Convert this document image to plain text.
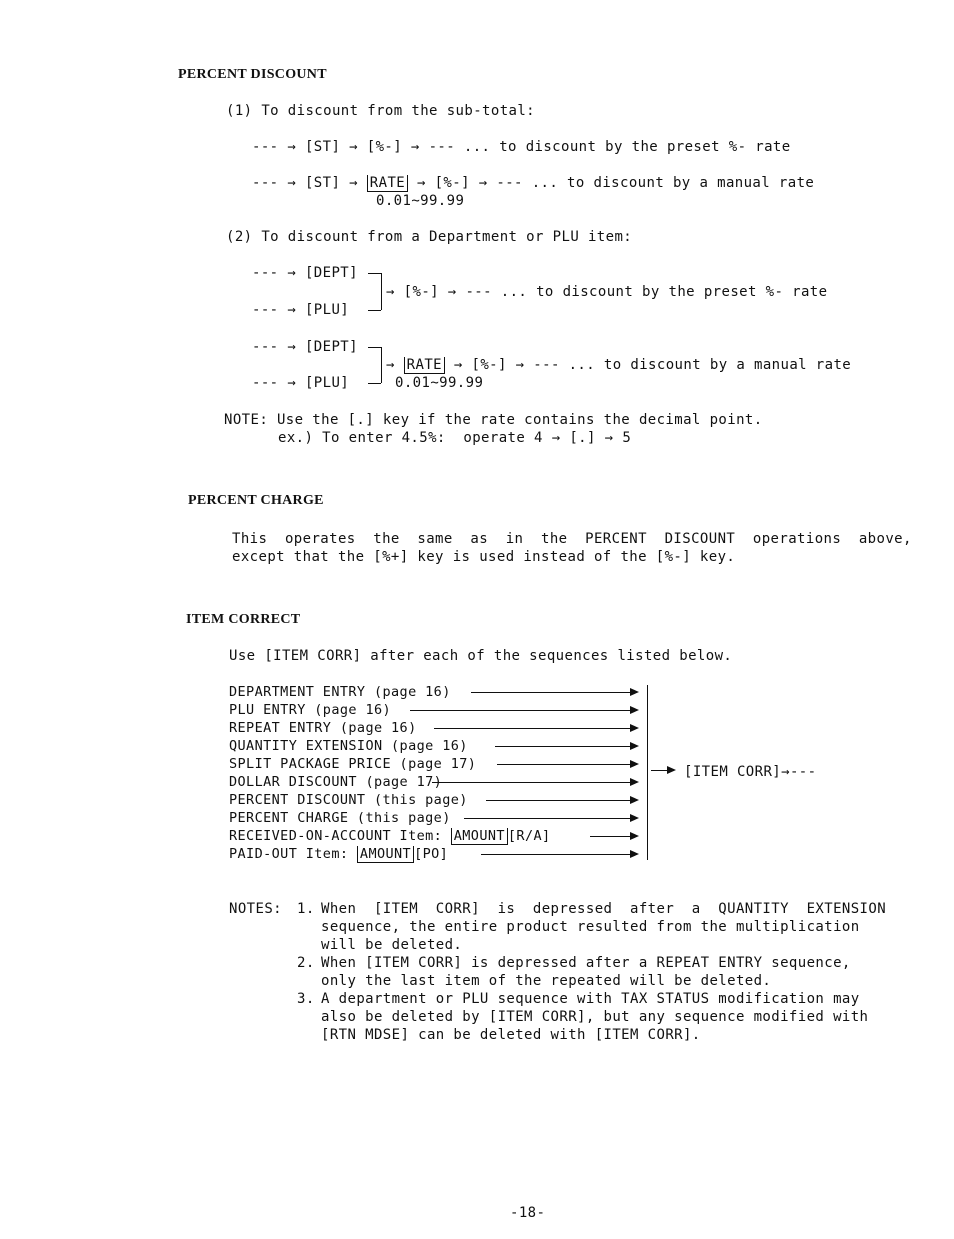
PERCENT DISCOUNT
(1) To discount from the sub-total:
--- → [ST] → [%-] → --- ... to discount by the preset %- rate
--- → [ST] → RATE → [%-] → --- ... to discount by a manual rate
0.01~99.99
(2) To discount from a Department or PLU item:
--- → [DEPT]
--- → [PLU]
→ [%-] → --- ... to discount by the preset %- rate
--- → [DEPT]
--- → [PLU]
→ RATE → [%-] → --- ... to discount by a manual rate
0.01~99.99
NOTE: Use the [.] key if the rate contains the decimal point.
ex.) To enter 4.5%:  operate 4 → [.] → 5
PERCENT CHARGE
This  operates  the  same  as  in  the  PERCENT  DISCOUNT  operations  above,
except that the [%+] key is used instead of the [%-] key.
ITEM CORRECT
Use [ITEM CORR] after each of the sequences listed below.
DEPARTMENT ENTRY (page 16)
PLU ENTRY (page 16)
REPEAT ENTRY (page 16)
QUANTITY EXTENSION (page 16)
SPLIT PACKAGE PRICE (page 17)
DOLLAR DISCOUNT (page 17)
PERCENT DISCOUNT (this page)
PERCENT CHARGE (this page)
RECEIVED-ON-ACCOUNT Item: AMOUNT [R/A]
PAID-OUT Item: AMOUNT [PO]
[ITEM CORR]→---
NOTES: 1. When  [ITEM  CORR]  is  depressed  after  a  QUANTITY  EXTENSION
sequence, the entire product resulted from the multiplication
will be deleted.
2. When [ITEM CORR] is depressed after a REPEAT ENTRY sequence,
only the last item of the repeated will be deleted.
3. A department or PLU sequence with TAX STATUS modification may
also be deleted by [ITEM CORR], but any sequence modified with
[RTN MDSE] can be deleted with [ITEM CORR].
-18-
